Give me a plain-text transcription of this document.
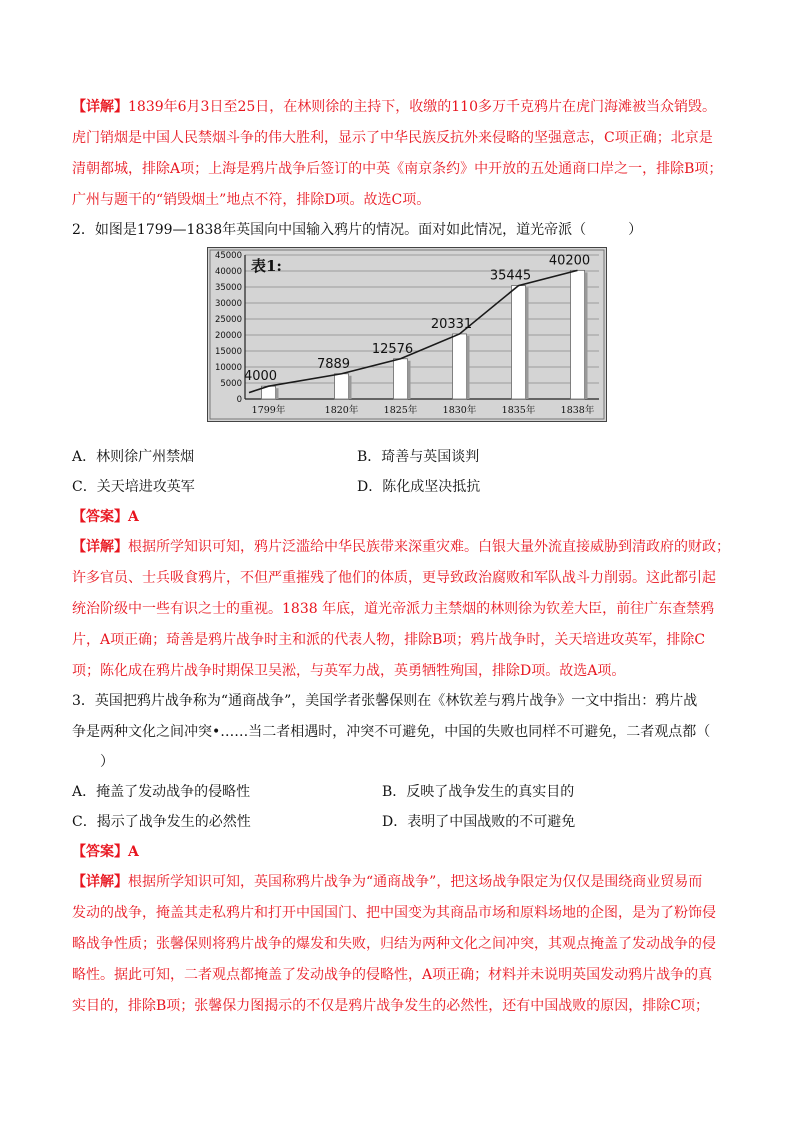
【详解】1839年6月3日至25日，在林则徐的主持下，收缴的110多万千克鸦片在虎门海滩被当众销毁。
虎门销烟是中国人民禁烟斗争的伟大胜利，显示了中华民族反抗外来侵略的坚强意志，C项正确；北京是
清朝都城，排除A项；上海是鸦片战争后签订的中英《南京条约》中开放的五处通商口岸之一，排除B项；
广州与题干的“销毁烟土”地点不符，排除D项。故选C项。
2．如图是1799—1838年英国向中国输入鸦片的情况。面对如此情况，道光帝派（　　　）
0
5000
10000
15000
20000
25000
30000
35000
40000
45000
4000
7889
12576
20331
35445
40200
1799年	1820年	1825年	1830年	1835年	1838年
表1:
A．林则徐广州禁烟	B．琦善与英国谈判
C．关天培进攻英军	D．陈化成坚决抵抗
【答案】A
【详解】根据所学知识可知，鸦片泛滥给中华民族带来深重灾难。白银大量外流直接威胁到清政府的财政；
许多官员、士兵吸食鸦片，不但严重摧残了他们的体质，更导致政治腐败和军队战斗力削弱。这此都引起
统治阶级中一些有识之士的重视。1838 年底，道光帝派力主禁烟的林则徐为钦差大臣，前往广东查禁鸦
片，A项正确；琦善是鸦片战争时主和派的代表人物，排除B项；鸦片战争时，关天培进攻英军，排除C
项；陈化成在鸦片战争时期保卫吴淞，与英军力战，英勇牺牲殉国，排除D项。故选A项。
3．英国把鸦片战争称为“通商战争”，美国学者张馨保则在《林钦差与鸦片战争》一文中指出：鸦片战
争是两种文化之间冲突•……当二者相遇时，冲突不可避免，中国的失败也同样不可避免，二者观点都（
　　）
A．掩盖了发动战争的侵略性	B．反映了战争发生的真实目的
C．揭示了战争发生的必然性	D．表明了中国战败的不可避免
【答案】A
【详解】根据所学知识可知，英国称鸦片战争为“通商战争”，把这场战争限定为仅仅是围绕商业贸易而
发动的战争，掩盖其走私鸦片和打开中国国门、把中国变为其商品市场和原料场地的企图，是为了粉饰侵
略战争性质；张馨保则将鸦片战争的爆发和失败，归结为两种文化之间冲突，其观点掩盖了发动战争的侵
略性。据此可知，二者观点都掩盖了发动战争的侵略性，A项正确；材料并未说明英国发动鸦片战争的真
实目的，排除B项；张馨保力图揭示的不仅是鸦片战争发生的必然性，还有中国战败的原因，排除C项；
